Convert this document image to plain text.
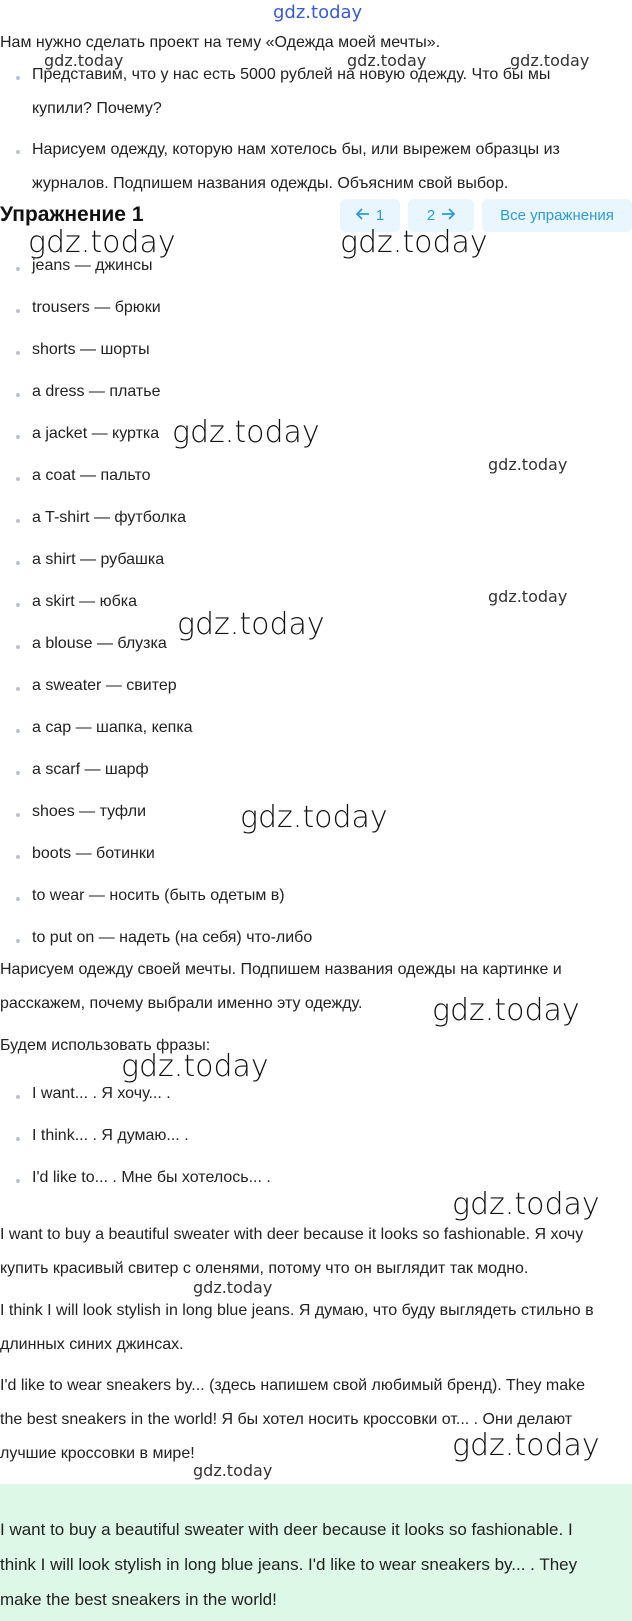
gdz.today
Нам нужно сделать проект на тему «Одежда моей мечты».
gdz.today	gdz.today	gdz.today
Представим, что у нас есть 5000 рублей на новую одежду. Что бы мы
купили? Почему?
Нарисуем одежду, которую нам хотелось бы, или вырежем образцы из
журналов. Подпишем названия одежды. Объясним свой выбор.
Упражнение 1	1	2	Все упражнения
gdz.today	gdz.today
jeans — джинсы
trousers — брюки
shorts — шорты
a dress — платье
a jacket — куртка
a coat — пальто
a T-shirt — футболка
a shirt — рубашка
a skirt — юбка
a blouse — блузка
a sweater — свитер
a cap — шапка, кепка
a scarf — шарф
shoes — туфли
boots — ботинки
to wear — носить (быть одетым в)
to put on — надеть (на себя) что-либо
gdz.today
gdz.today
gdz.today
gdz.today
gdz.today
Нарисуем одежду своей мечты. Подпишем названия одежды на картинке и
расскажем, почему выбрали именно эту одежду. gdz.today
Будем использовать фразы:
gdz.today
I want... . Я хочу... .
I think... . Я думаю... .
I'd like to... . Мне бы хотелось... .
gdz.today
I want to buy a beautiful sweater with deer because it looks so fashionable. Я хочу
купить красивый свитер с оленями, потому что он выглядит так модно.
gdz.today
I think I will look stylish in long blue jeans. Я думаю, что буду выглядеть стильно в
длинных синих джинсах.
I'd like to wear sneakers by... (здесь напишем свой любимый бренд). They make
the best sneakers in the world! Я бы хотел носить кроссовки от... . Они делают
лучшие кроссовки в мире!	gdz.today
gdz.today
I want to buy a beautiful sweater with deer because it looks so fashionable. I
think I will look stylish in long blue jeans. I'd like to wear sneakers by... . They
make the best sneakers in the world!
